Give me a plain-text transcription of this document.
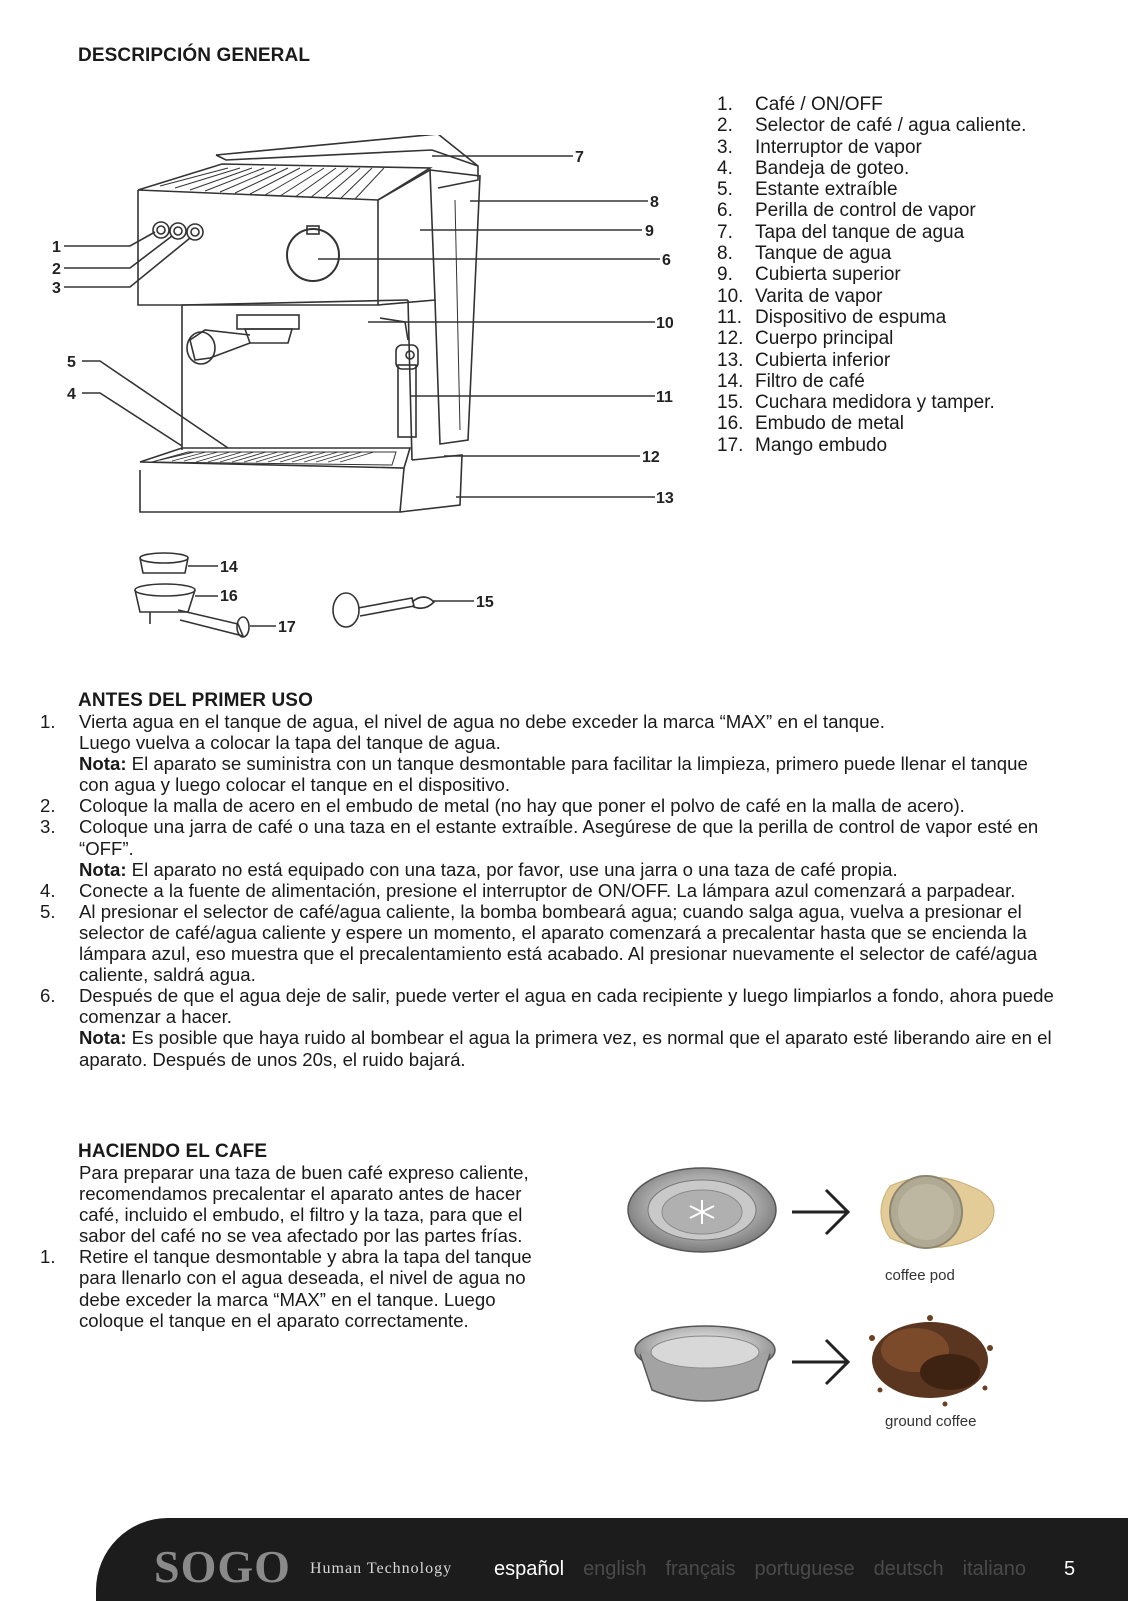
DESCRIPCIÓN GENERAL
1
2
3
5
4
6
7
8
9
10
11
12
13
14
16
17
15
1.	Café / ON/OFF
2.	Selector de café / agua caliente.
3.	Interruptor de vapor
4.	Bandeja de goteo.
5.	Estante extraíble
6.	Perilla de control de vapor
7.	Tapa del tanque de agua
8.	Tanque de agua
9.	Cubierta superior
10. Varita de vapor
11. Dispositivo de espuma
12. Cuerpo principal
13. Cubierta inferior
14. Filtro de café
15. Cuchara medidora y tamper.
16. Embudo de metal
17. Mango embudo
ANTES DEL PRIMER USO
1. Vierta agua en el tanque de agua, el nivel de agua no debe exceder la marca “MAX” en el tanque.
Luego vuelva a colocar la tapa del tanque de agua.
Nota: El aparato se suministra con un tanque desmontable para facilitar la limpieza, primero puede llenar el tanque con agua y luego colocar el tanque en el dispositivo.
2. Coloque la malla de acero en el embudo de metal (no hay que poner el polvo de café en la malla de acero).
3. Coloque una jarra de café o una taza en el estante extraíble. Asegúrese de que la perilla de control de vapor esté en “OFF”.
Nota: El aparato no está equipado con una taza, por favor, use una jarra o una taza de café propia.
4. Conecte a la fuente de alimentación, presione el interruptor de ON/OFF. La lámpara azul comenzará a parpadear.
5. Al presionar el selector de café/agua caliente, la bomba bombeará agua; cuando salga agua, vuelva a presionar el selector de café/agua caliente y espere un momento, el aparato comenzará a precalentar hasta que se encienda la lámpara azul, eso muestra que el precalentamiento está acabado. Al presionar nuevamente el selector de café/agua caliente, saldrá agua.
6. Después de que el agua deje de salir, puede verter el agua en cada recipiente y luego limpiarlos a fondo, ahora puede comenzar a hacer.
Nota: Es posible que haya ruido al bombear el agua la primera vez, es normal que el aparato esté liberando aire en el aparato. Después de unos 20s, el ruido bajará.
HACIENDO EL CAFE
Para preparar una taza de buen café expreso caliente, recomendamos precalentar el aparato antes de hacer café, incluido el embudo, el filtro y la taza, para que el sabor del café no se vea afectado por las partes frías.
1. Retire el tanque desmontable y abra la tapa del tanque para llenarlo con el agua deseada, el nivel de agua no debe exceder la marca “MAX” en el tanque. Luego coloque el tanque en el aparato correctamente.
coffee pod
ground coffee
SOGO Human Technology español english français portuguese deutsch italiano 5
